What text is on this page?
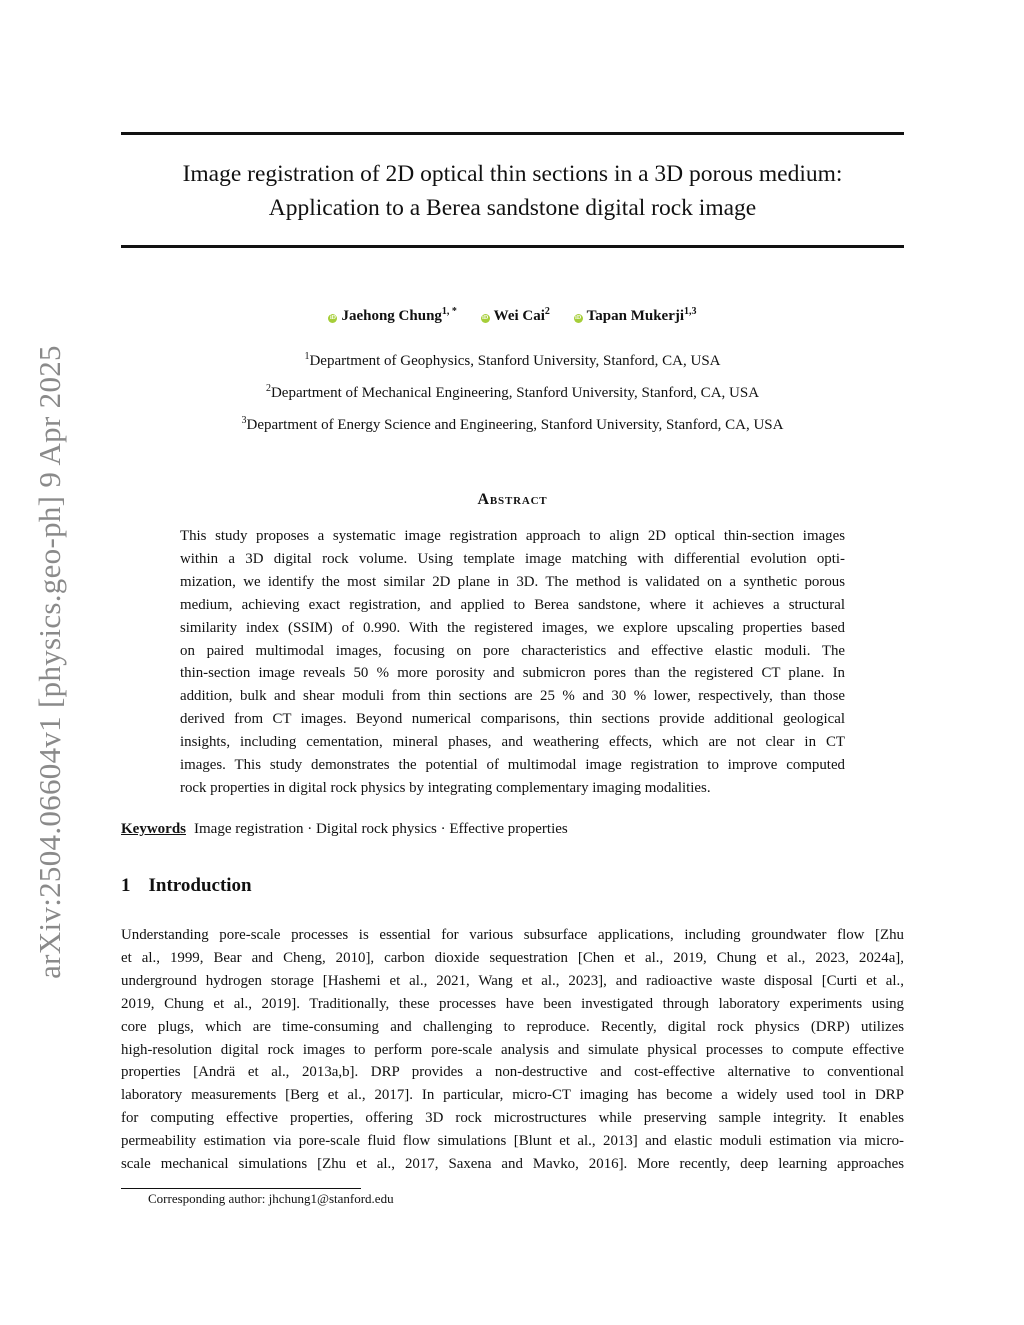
arXiv:2504.06604v1 [physics.geo-ph] 9 Apr 2025
Image registration of 2D optical thin sections in a 3D porous medium:
Application to a Berea sandstone digital rock image
iD Jaehong Chung$^{1, *}$ iD Wei Cai$^2$ iD Tapan Mukerji$^{1,3}$
$^1$Department of Geophysics, Stanford University, Stanford, CA, USA
$^2$Department of Mechanical Engineering, Stanford University, Stanford, CA, USA
$^3$Department of Energy Science and Engineering, Stanford University, Stanford, CA, USA
Abstract
This study proposes a systematic image registration approach to align 2D optical thin-section images
within a 3D digital rock volume. Using template image matching with differential evolution opti-
mization, we identify the most similar 2D plane in 3D. The method is validated on a synthetic porous
medium, achieving exact registration, and applied to Berea sandstone, where it achieves a structural
similarity index (SSIM) of 0.990. With the registered images, we explore upscaling properties based
on paired multimodal images, focusing on pore characteristics and effective elastic moduli. The
thin-section image reveals 50 % more porosity and submicron pores than the registered CT plane. In
addition, bulk and shear moduli from thin sections are 25 % and 30 % lower, respectively, than those
derived from CT images. Beyond numerical comparisons, thin sections provide additional geological
insights, including cementation, mineral phases, and weathering effects, which are not clear in CT
images. This study demonstrates the potential of multimodal image registration to improve computed
rock properties in digital rock physics by integrating complementary imaging modalities.
Keywords Image registration · Digital rock physics · Effective properties
1 Introduction
Understanding pore-scale processes is essential for various subsurface applications, including groundwater flow [Zhu
et al., 1999, Bear and Cheng, 2010], carbon dioxide sequestration [Chen et al., 2019, Chung et al., 2023, 2024a],
underground hydrogen storage [Hashemi et al., 2021, Wang et al., 2023], and radioactive waste disposal [Curti et al.,
2019, Chung et al., 2019]. Traditionally, these processes have been investigated through laboratory experiments using
core plugs, which are time-consuming and challenging to reproduce. Recently, digital rock physics (DRP) utilizes
high-resolution digital rock images to perform pore-scale analysis and simulate physical processes to compute effective
properties [Andrä et al., 2013a,b]. DRP provides a non-destructive and cost-effective alternative to conventional
laboratory measurements [Berg et al., 2017]. In particular, micro-CT imaging has become a widely used tool in DRP
for computing effective properties, offering 3D rock microstructures while preserving sample integrity. It enables
permeability estimation via pore-scale fluid flow simulations [Blunt et al., 2013] and elastic moduli estimation via micro-
scale mechanical simulations [Zhu et al., 2017, Saxena and Mavko, 2016]. More recently, deep learning approaches
Corresponding author: jhchung1@stanford.edu
